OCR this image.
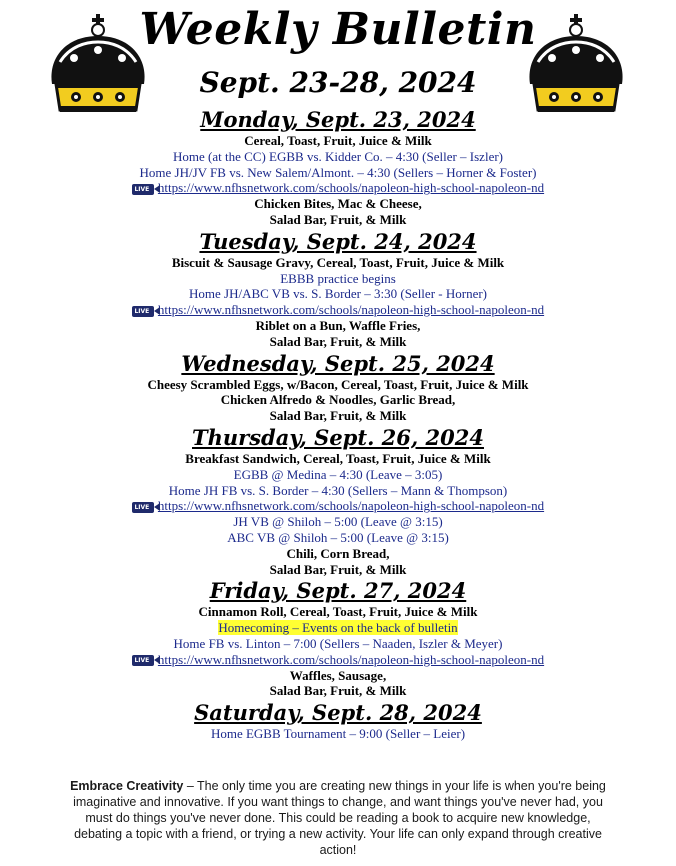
Weekly Bulletin
Sept. 23-28, 2024

Monday, Sept. 23, 2024

Cereal, Toast, Fruit, Juice & Milk

Home (at the CC) EGBB vs. Kidder Co. – 4:30 (Seller – Iszler)

Home JH/JV FB vs. New Salem/Almont. – 4:30 (Sellers – Horner & Foster)

LIVE https://www.nfhsnetwork.com/schools/napoleon-high-school-napoleon-nd

Chicken Bites, Mac & Cheese,

Salad Bar, Fruit, & Milk

Tuesday, Sept. 24, 2024

Biscuit & Sausage Gravy, Cereal, Toast, Fruit, Juice & Milk

EBBB practice begins

Home JH/ABC VB vs. S. Border – 3:30 (Seller - Horner)

LIVE https://www.nfhsnetwork.com/schools/napoleon-high-school-napoleon-nd

Riblet on a Bun, Waffle Fries,

Salad Bar, Fruit, & Milk

Wednesday, Sept. 25, 2024

Cheesy Scrambled Eggs, w/Bacon, Cereal, Toast, Fruit, Juice & Milk

Chicken Alfredo & Noodles, Garlic Bread,

Salad Bar, Fruit, & Milk

Thursday, Sept. 26, 2024

Breakfast Sandwich, Cereal, Toast, Fruit, Juice & Milk

EGBB @ Medina – 4:30 (Leave – 3:05)

Home JH FB vs. S. Border – 4:30 (Sellers – Mann & Thompson)

LIVE https://www.nfhsnetwork.com/schools/napoleon-high-school-napoleon-nd

JH VB @ Shiloh – 5:00 (Leave @ 3:15)

ABC VB @ Shiloh – 5:00 (Leave @ 3:15)

Chili, Corn Bread,

Salad Bar, Fruit, & Milk

Friday, Sept. 27, 2024

Cinnamon Roll, Cereal, Toast, Fruit, Juice & Milk

Homecoming – Events on the back of bulletin

Home FB vs. Linton – 7:00 (Sellers – Naaden, Iszler & Meyer)

LIVE https://www.nfhsnetwork.com/schools/napoleon-high-school-napoleon-nd

Waffles, Sausage,

Salad Bar, Fruit, & Milk

Saturday, Sept. 28, 2024

Home EGBB Tournament – 9:00 (Seller – Leier)

Embrace Creativity – The only time you are creating new things in your life is when you're being imaginative and innovative. If you want things to change, and want things you've never had, you must do things you've never done. This could be reading a book to acquire new knowledge, debating a topic with a friend, or trying a new activity. Your life can only expand through creative action!
